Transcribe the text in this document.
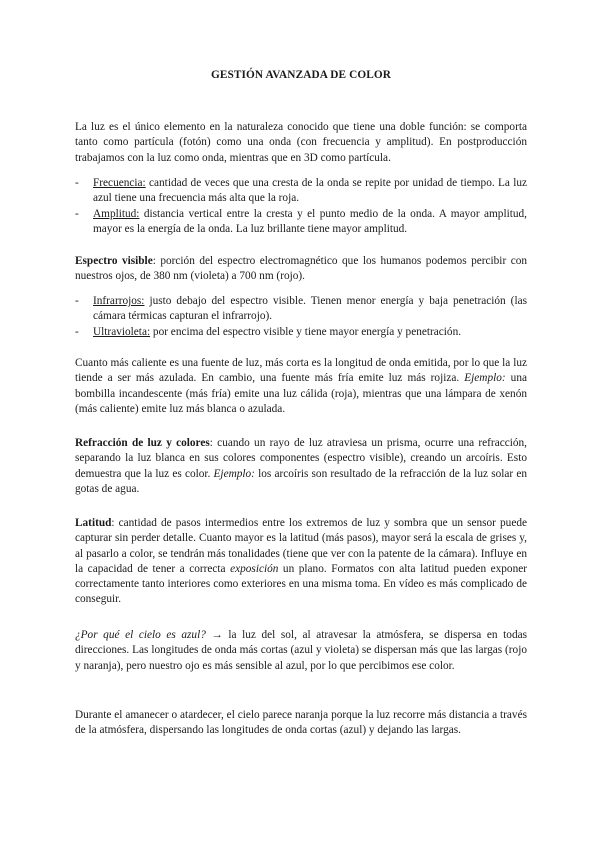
GESTIÓN AVANZADA DE COLOR

La luz es el único elemento en la naturaleza conocido que tiene una doble función: se comporta tanto como partícula (fotón) como una onda (con frecuencia y amplitud). En postproducción trabajamos con la luz como onda, mientras que en 3D como partícula.

- Frecuencia: cantidad de veces que una cresta de la onda se repite por unidad de tiempo. La luz azul tiene una frecuencia más alta que la roja.
- Amplitud: distancia vertical entre la cresta y el punto medio de la onda. A mayor amplitud, mayor es la energía de la onda. La luz brillante tiene mayor amplitud.

Espectro visible: porción del espectro electromagnético que los humanos podemos percibir con nuestros ojos, de 380 nm (violeta) a 700 nm (rojo).

- Infrarrojos: justo debajo del espectro visible. Tienen menor energía y baja penetración (las cámara térmicas capturan el infrarrojo).
- Ultravioleta: por encima del espectro visible y tiene mayor energía y penetración.

Cuanto más caliente es una fuente de luz, más corta es la longitud de onda emitida, por lo que la luz tiende a ser más azulada. En cambio, una fuente más fría emite luz más rojiza. Ejemplo: una bombilla incandescente (más fría) emite una luz cálida (roja), mientras que una lámpara de xenón (más caliente) emite luz más blanca o azulada.

Refracción de luz y colores: cuando un rayo de luz atraviesa un prisma, ocurre una refracción, separando la luz blanca en sus colores componentes (espectro visible), creando un arcoíris. Esto demuestra que la luz es color. Ejemplo: los arcoíris son resultado de la refracción de la luz solar en gotas de agua.

Latitud: cantidad de pasos intermedios entre los extremos de luz y sombra que un sensor puede capturar sin perder detalle. Cuanto mayor es la latitud (más pasos), mayor será la escala de grises y, al pasarlo a color, se tendrán más tonalidades (tiene que ver con la patente de la cámara). Influye en la capacidad de tener a correcta exposición un plano. Formatos con alta latitud pueden exponer correctamente tanto interiores como exteriores en una misma toma. En vídeo es más complicado de conseguir.

¿Por qué el cielo es azul? → la luz del sol, al atravesar la atmósfera, se dispersa en todas direcciones. Las longitudes de onda más cortas (azul y violeta) se dispersan más que las largas (rojo y naranja), pero nuestro ojo es más sensible al azul, por lo que percibimos ese color.

Durante el amanecer o atardecer, el cielo parece naranja porque la luz recorre más distancia a través de la atmósfera, dispersando las longitudes de onda cortas (azul) y dejando las largas.
